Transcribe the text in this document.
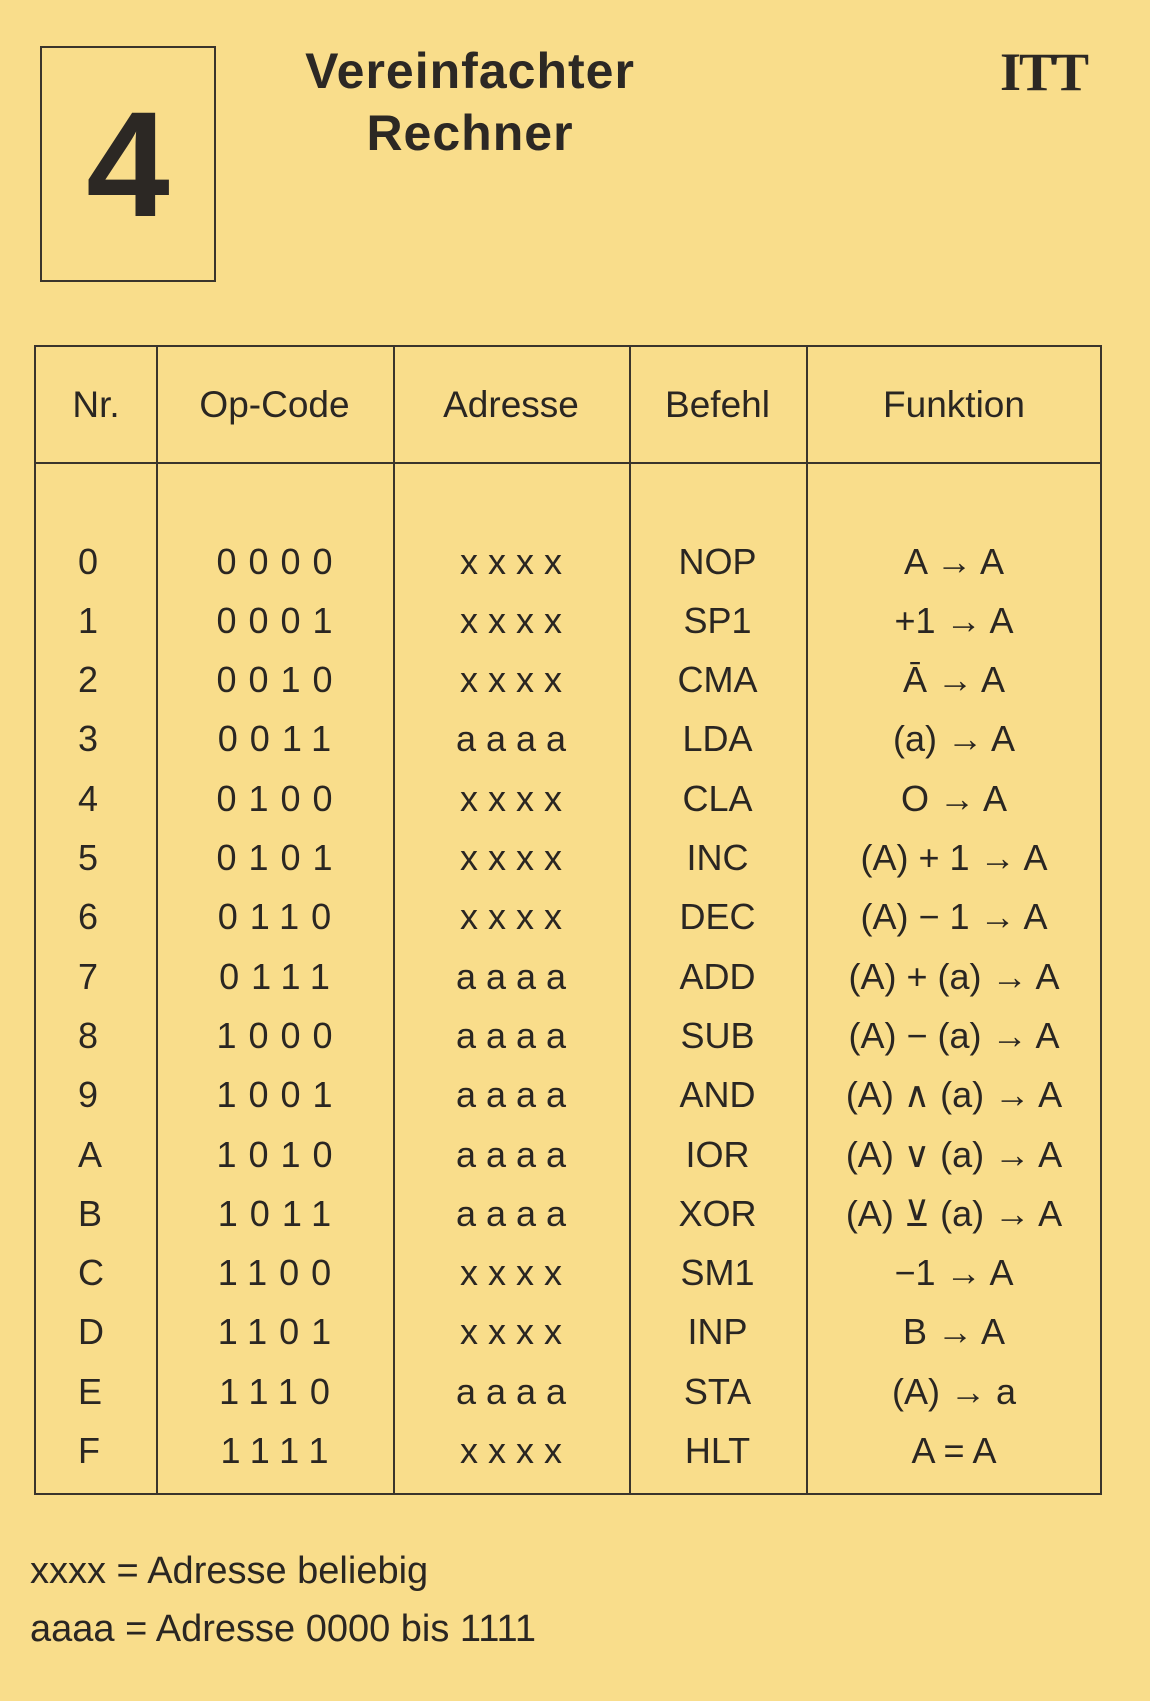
4
Vereinfachter
Rechner
ITT
Nr.	Op-Code	Adresse	Befehl	Funktion
0	0000	xxxx	NOP	A → A
1	0001	xxxx	SP1	+1 → A
2	0010	xxxx	CMA	Ā → A
3	0011	aaaa	LDA	(a) → A
4	0100	xxxx	CLA	O → A
5	0101	xxxx	INC	(A) + 1 → A
6	0110	xxxx	DEC	(A) − 1 → A
7	0111	aaaa	ADD	(A) + (a) → A
8	1000	aaaa	SUB	(A) − (a) → A
9	1001	aaaa	AND	(A) ∧ (a) → A
A	1010	aaaa	IOR	(A) ∨ (a) → A
B	1011	aaaa	XOR	(A) ⊻ (a) → A
C	1100	xxxx	SM1	−1 → A
D	1101	xxxx	INP	B → A
E	1110	aaaa	STA	(A) → a
F	1111	xxxx	HLT	A = A
xxxx = Adresse beliebig
aaaa = Adresse 0000 bis 1111
